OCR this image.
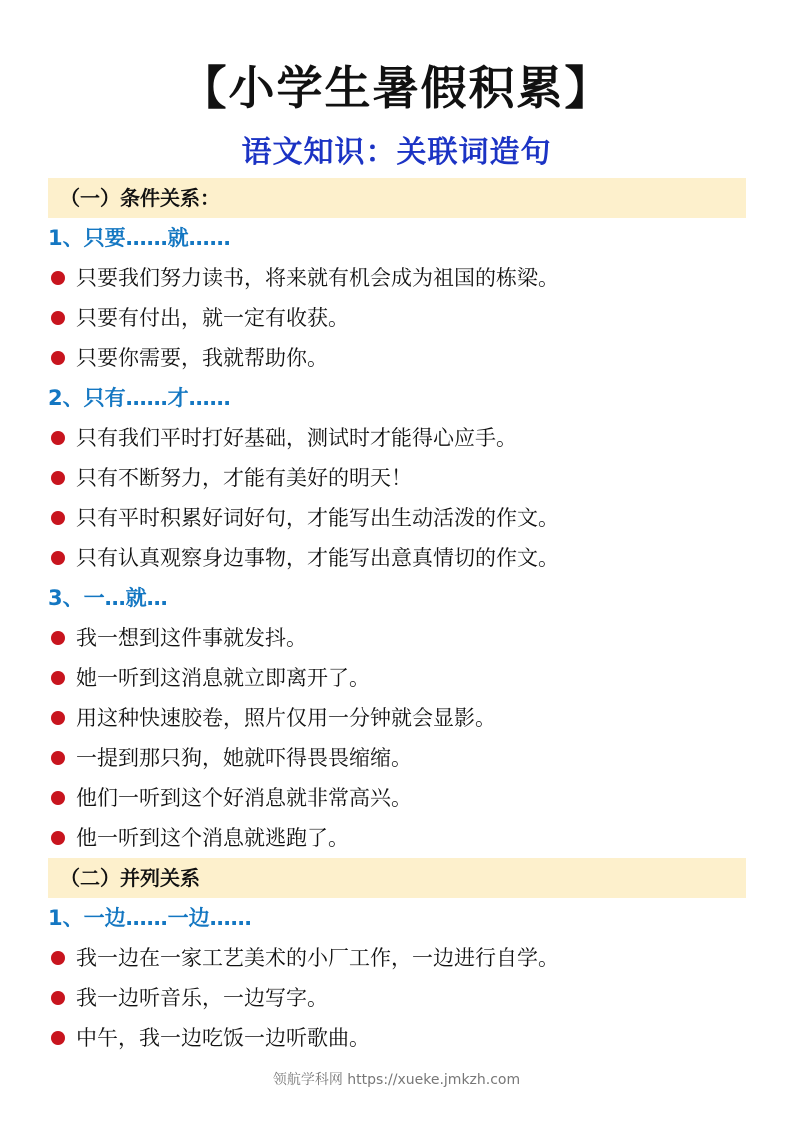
【小学生暑假积累】
语文知识：关联词造句
（一）条件关系：
1、只要……就……
只要我们努力读书，将来就有机会成为祖国的栋梁。
只要有付出，就一定有收获。
只要你需要，我就帮助你。
2、只有……才……
只有我们平时打好基础，测试时才能得心应手。
只有不断努力，才能有美好的明天！
只有平时积累好词好句，才能写出生动活泼的作文。
只有认真观察身边事物，才能写出意真情切的作文。
3、一…就…
我一想到这件事就发抖。
她一听到这消息就立即离开了。
用这种快速胶卷，照片仅用一分钟就会显影。
一提到那只狗，她就吓得畏畏缩缩。
他们一听到这个好消息就非常高兴。
他一听到这个消息就逃跑了。
（二）并列关系
1、一边……一边……
我一边在一家工艺美术的小厂工作，一边进行自学。
我一边听音乐，一边写字。
中午，我一边吃饭一边听歌曲。
领航学科网 https://xueke.jmkzh.com
